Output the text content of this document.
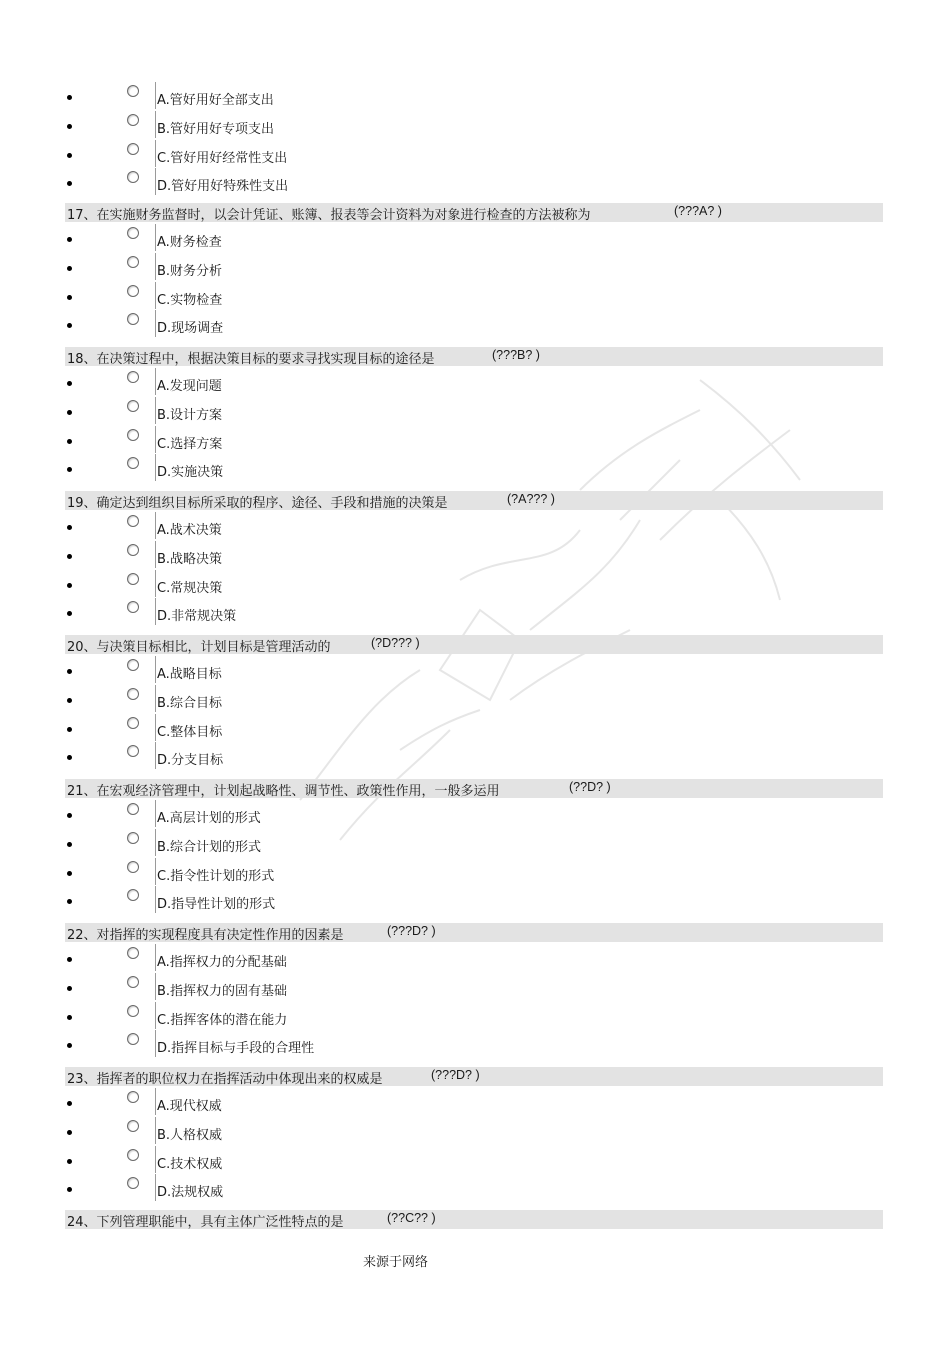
A.管好用好全部支出
B.管好用好专项支出
C.管好用好经常性支出
D.管好用好特殊性支出
17、在实施财务监督时，以会计凭证、账簿、报表等会计资料为对象进行检查的方法被称为	(???A? )
A.财务检查
B.财务分析
C.实物检查
D.现场调查
18、在决策过程中，根据决策目标的要求寻找实现目标的途径是	(???B? )
A.发现问题
B.设计方案
C.选择方案
D.实施决策
19、确定达到组织目标所采取的程序、途径、手段和措施的决策是	(?A??? )
A.战术决策
B.战略决策
C.常规决策
D.非常规决策
20、与决策目标相比，计划目标是管理活动的	(?D??? )
A.战略目标
B.综合目标
C.整体目标
D.分支目标
21、在宏观经济管理中，计划起战略性、调节性、政策性作用，一般多运用	(??D? )
A.高层计划的形式
B.综合计划的形式
C.指令性计划的形式
D.指导性计划的形式
22、对指挥的实现程度具有决定性作用的因素是	(???D? )
A.指挥权力的分配基础
B.指挥权力的固有基础
C.指挥客体的潜在能力
D.指挥目标与手段的合理性
23、指挥者的职位权力在指挥活动中体现出来的权威是	(???D? )
A.现代权威
B.人格权威
C.技术权威
D.法规权威
24、下列管理职能中，具有主体广泛性特点的是	(??C?? )
来源于网络
